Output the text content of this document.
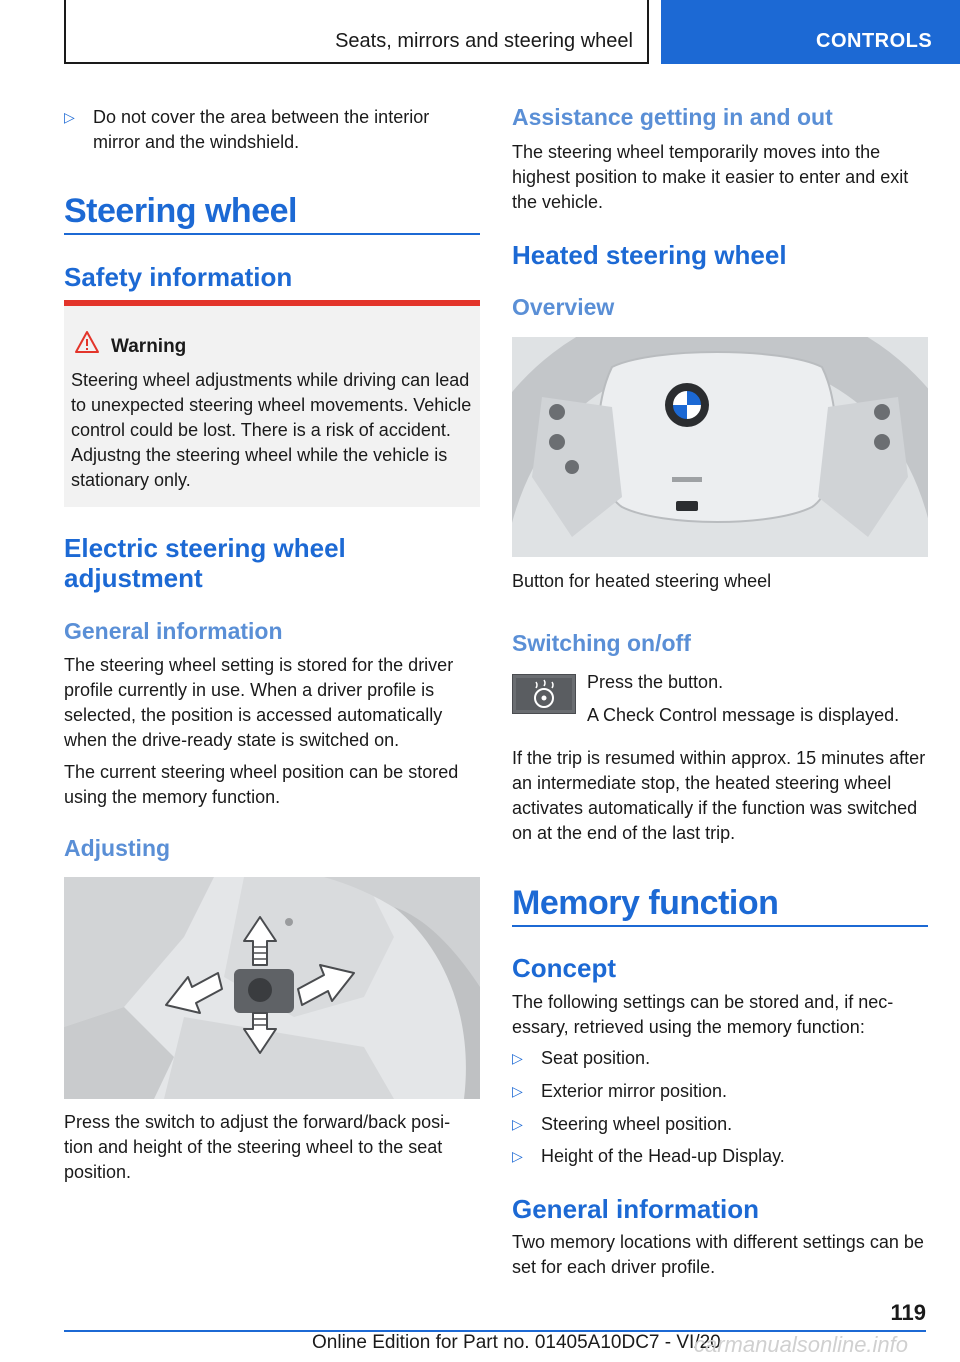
Seats, mirrors and steering wheel	CONTROLS
▷ Do not cover the area between the interior mirror and the windshield.
Steering wheel
Safety information
Warning
Steering wheel adjustments while driving can lead to unexpected steering wheel movements. Vehicle control could be lost. There is a risk of accident. Adjustng the steering wheel while the vehicle is stationary only.
Electric steering wheel adjustment
General information
The steering wheel setting is stored for the driver profile currently in use. When a driver profile is selected, the position is accessed automatically when the drive-ready state is switched on.
The current steering wheel position can be stored using the memory function.
Adjusting
Press the switch to adjust the forward/back posi- tion and height of the steering wheel to the seat position.
Assistance getting in and out
The steering wheel temporarily moves into the highest position to make it easier to enter and exit the vehicle.
Heated steering wheel
Overview
Button for heated steering wheel
Switching on/off
Press the button.
A Check Control message is displayed.
If the trip is resumed within approx. 15 minutes after an intermediate stop, the heated steering wheel activates automatically if the function was switched on at the end of the last trip.
Memory function
Concept
The following settings can be stored and, if nec- essary, retrieved using the memory function:
▷ Seat position.
▷ Exterior mirror position.
▷ Steering wheel position.
▷ Height of the Head-up Display.
General information
Two memory locations with different settings can be set for each driver profile.
119
Online Edition for Part no. 01405A10DC7 - VI/20
carmanualsonline.info
